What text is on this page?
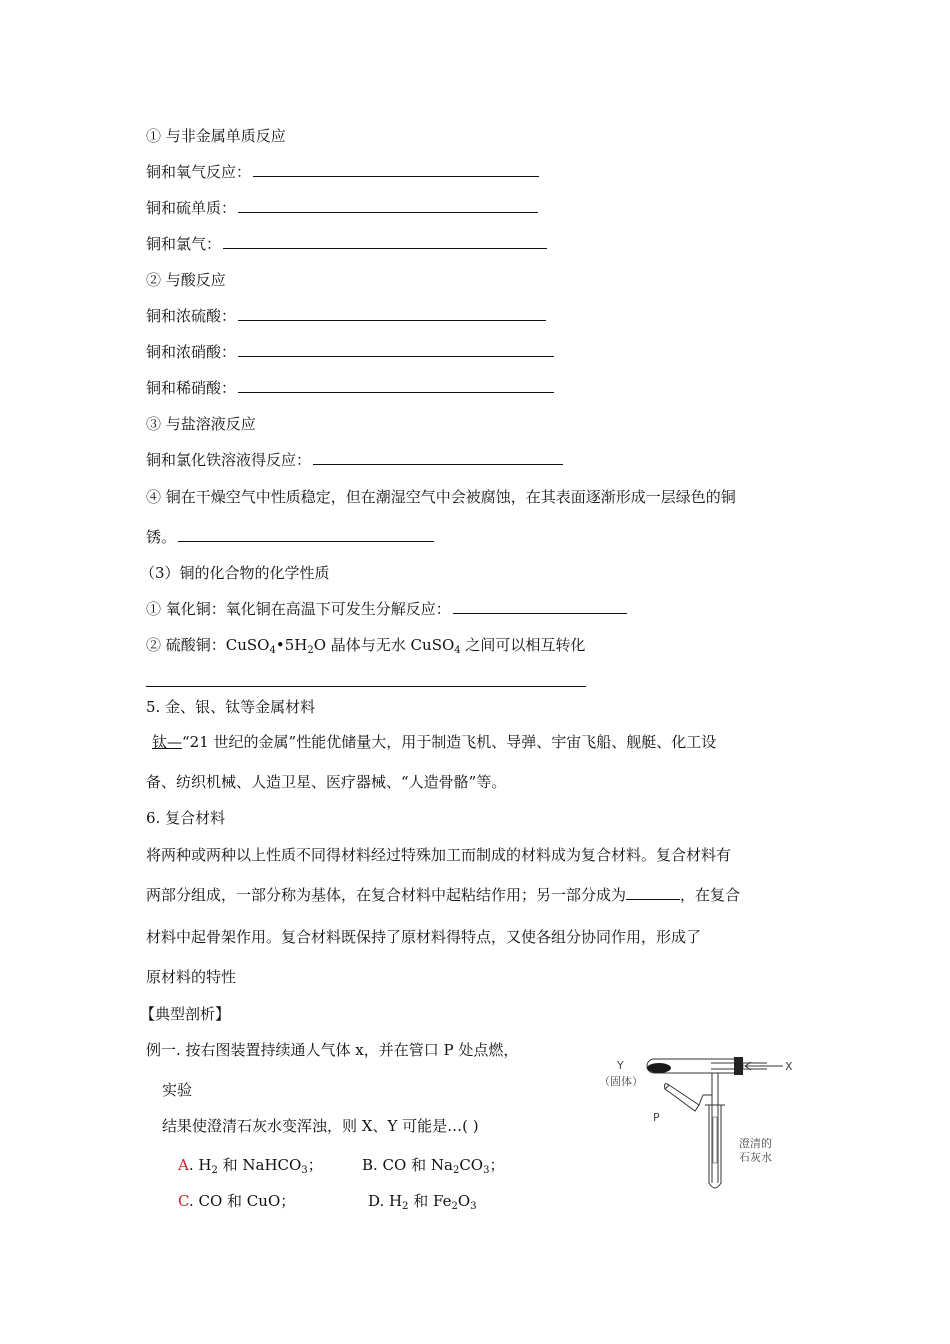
① 与非金属单质反应
铜和氧气反应：
铜和硫单质：
铜和氯气：
② 与酸反应
铜和浓硫酸：
铜和浓硝酸：
铜和稀硝酸：
③ 与盐溶液反应
铜和氯化铁溶液得反应：
④ 铜在干燥空气中性质稳定，但在潮湿空气中会被腐蚀，在其表面逐渐形成一层绿色的铜
锈。
（3）铜的化合物的化学性质
① 氧化铜：氧化铜在高温下可发生分解反应：
② 硫酸铜：$CuSO_4•5H_2O$ 晶体与无水 CuSO$_4$ 之间可以相互转化
5. 金、银、钛等金属材料
钛—“21 世纪的金属”性能优储量大，用于制造飞机、导弹、宇宙飞船、舰艇、化工设
备、纺织机械、人造卫星、医疗器械、“人造骨骼”等。
6. 复合材料
将两种或两种以上性质不同得材料经过特殊加工而制成的材料成为复合材料。复合材料有
两部分组成，一部分称为基体，在复合材料中起粘结作用；另一部分成为	，在复合
材料中起骨架作用。复合材料既保持了原材料得特点，又使各组分协同作用，形成了
原材料的特性
【典型剖析】
例一. 按右图装置持续通人气体 x，并在管口 P 处点燃，
实验
结果使澄清石灰水变浑浊，则 X、Y 可能是…( )
A. $H_2$ 和 NaHCO$_3$；	B. CO 和 $Na_2CO_3$；
C. CO 和 CuO；	D. $H_2$ 和 $Fe_2O_3$
Y
（固体）
X
P
澄清的
石灰水
